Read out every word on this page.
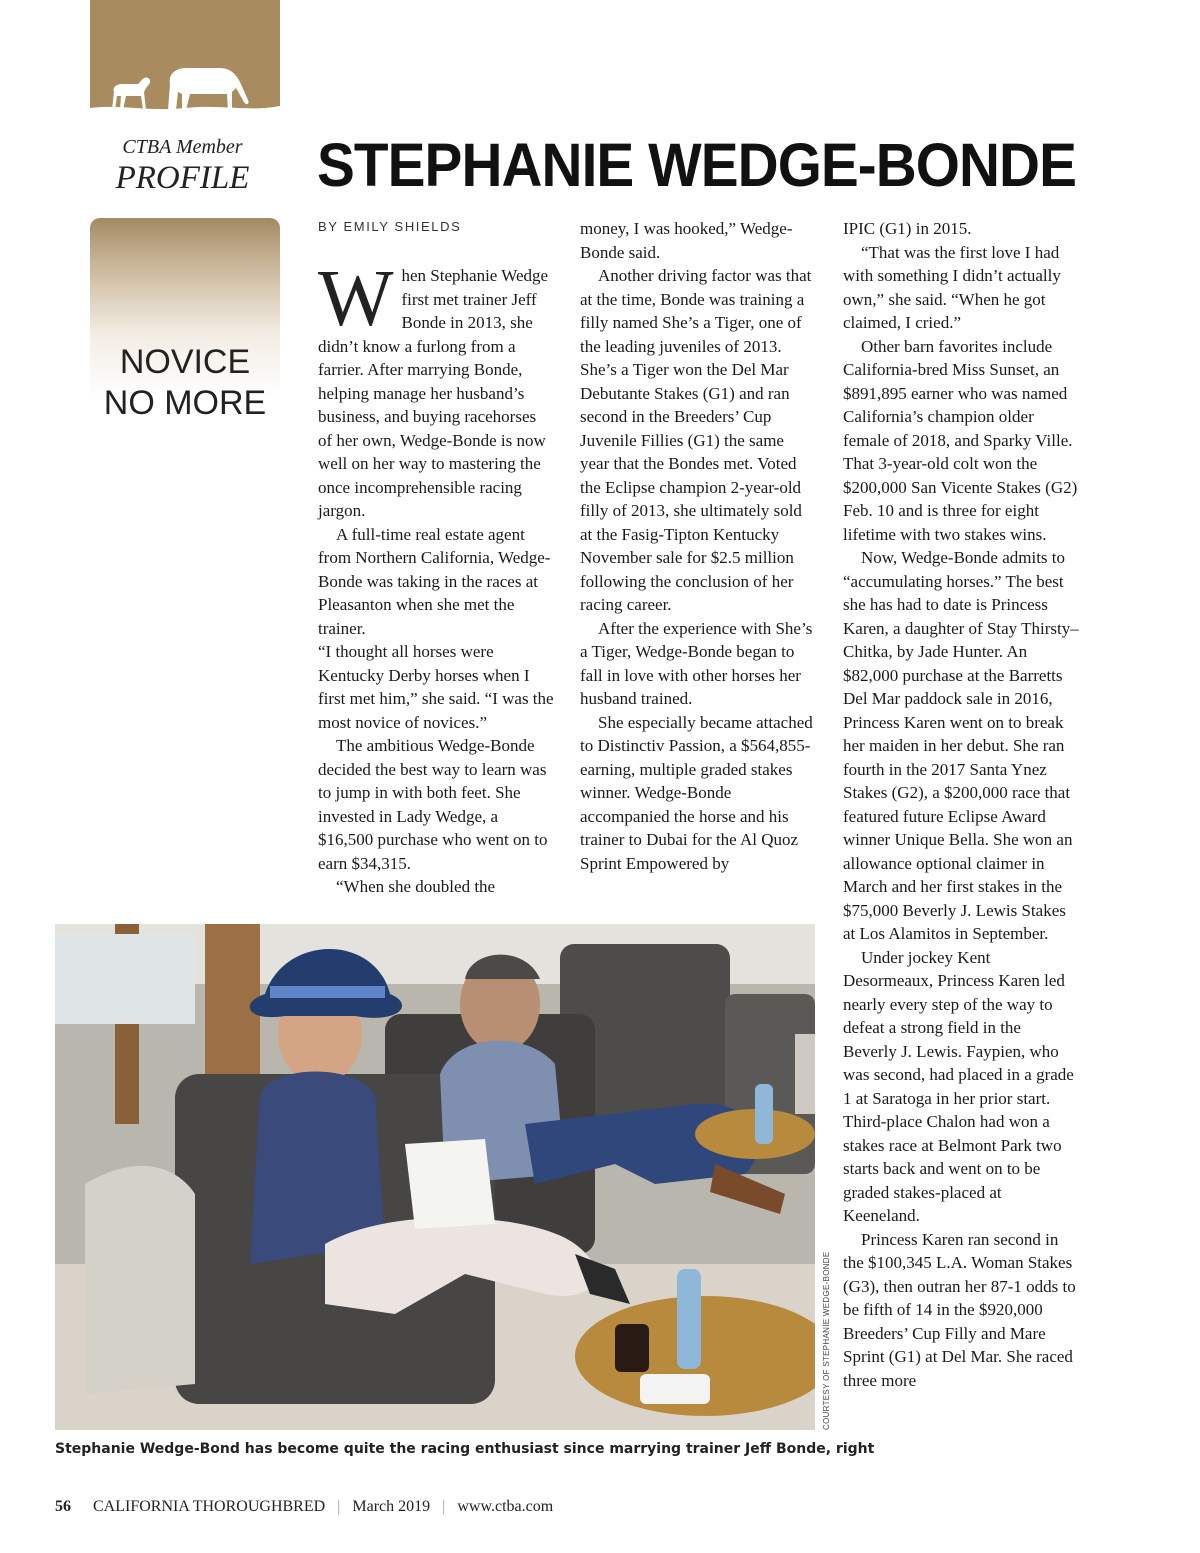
CTBA Member
PROFILE STEPHANIE WEDGE-BONDE
NOVICE
NO MORE
BY EMILY SHIELDS
W hen Stephanie Wedge first met trainer Jeff Bonde in 2013, she didn’t know a furlong from a farrier. After marrying Bonde, helping manage her husband’s business, and buying racehorses of her own, Wedge-Bonde is now well on her way to mastering the once incomprehensible racing jargon.

A full-time real estate agent from Northern California, Wedge-Bonde was taking in the races at Pleasanton when she met the trainer.

“I thought all horses were Kentucky Derby horses when I first met him,” she said. “I was the most novice of novices.”

The ambitious Wedge-Bonde decided the best way to learn was to jump in with both feet. She invested in Lady Wedge, a $16,500 purchase who went on to earn $34,315.

“When she doubled the

money, I was hooked,” Wedge-Bonde said.

Another driving factor was that at the time, Bonde was training a filly named She’s a Tiger, one of the leading juveniles of 2013. She’s a Tiger won the Del Mar Debutante Stakes (G1) and ran second in the Breeders’ Cup Juvenile Fillies (G1) the same year that the Bondes met. Voted the Eclipse champion 2-year-old filly of 2013, she ultimately sold at the Fasig-Tipton Kentucky November sale for $2.5 million following the conclusion of her racing career.

After the experience with She’s a Tiger, Wedge-Bonde began to fall in love with other horses her husband trained.

She especially became attached to Distinctiv Passion, a $564,855-earning, multiple graded stakes winner. Wedge-Bonde accompanied the horse and his trainer to Dubai for the Al Quoz Sprint Empowered by

IPIC (G1) in 2015.

“That was the first love I had with something I didn’t actually own,” she said. “When he got claimed, I cried.”

Other barn favorites include California-bred Miss Sunset, an $891,895 earner who was named California’s champion older female of 2018, and Sparky Ville. That 3-year-old colt won the $200,000 San Vicente Stakes (G2) Feb. 10 and is three for eight lifetime with two stakes wins.

Now, Wedge-Bonde admits to “accumulating horses.” The best she has had to date is Princess Karen, a daughter of Stay Thirsty–Chitka, by Jade Hunter. An $82,000 purchase at the Barretts Del Mar paddock sale in 2016, Princess Karen went on to break her maiden in her debut. She ran fourth in the 2017 Santa Ynez Stakes (G2), a $200,000 race that featured future Eclipse Award winner Unique Bella. She won an allowance optional claimer in March and her first stakes in the $75,000 Beverly J. Lewis Stakes at Los Alamitos in September.

Under jockey Kent Desormeaux, Princess Karen led nearly every step of the way to defeat a strong field in the Beverly J. Lewis. Faypien, who was second, had placed in a grade 1 at Saratoga in her prior start. Third-place Chalon had won a stakes race at Belmont Park two starts back and went on to be graded stakes-placed at Keeneland.

Princess Karen ran second in the $100,345 L.A. Woman Stakes (G3), then outran her 87-1 odds to be fifth of 14 in the $920,000 Breeders’ Cup Filly and Mare Sprint (G1) at Del Mar. She raced three more

COURTESY OF STEPHANIE WEDGE-BONDE
Stephanie Wedge-Bond has become quite the racing enthusiast since marrying trainer Jeff Bonde, right
56 CALIFORNIA THOROUGHBRED | March 2019 | www.ctba.com
